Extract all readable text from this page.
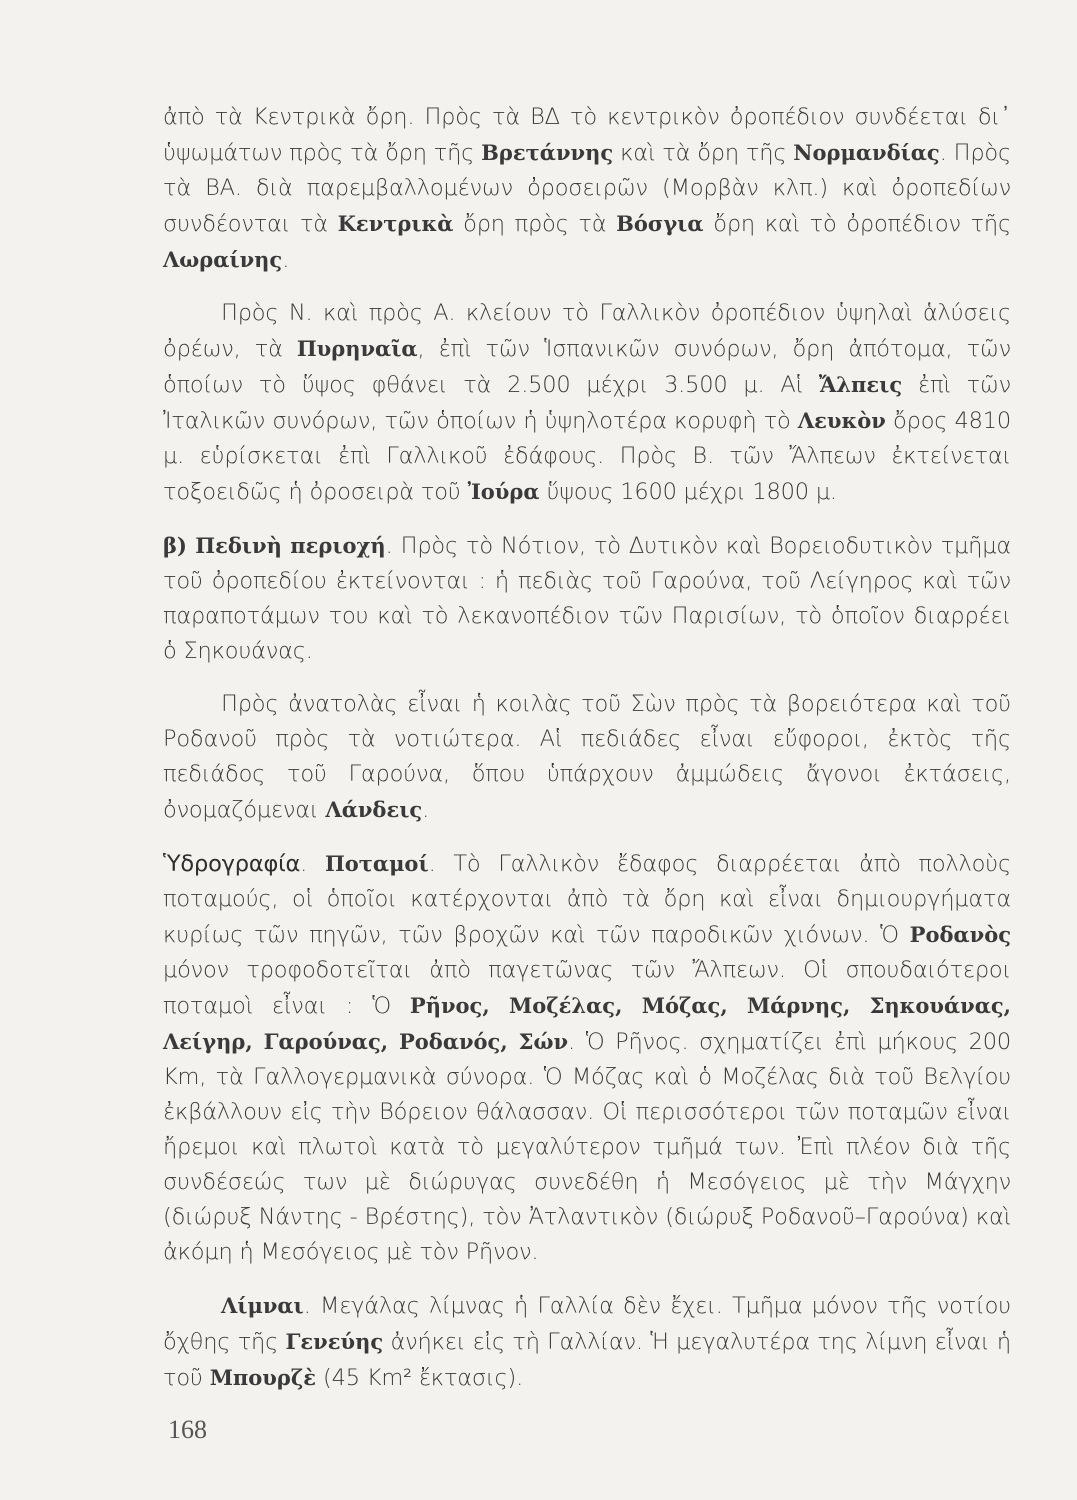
ἀπὸ τὰ Κεντρικὰ ὄρη. Πρὸς τὰ ΒΔ τὸ κεντρικὸν ὀροπέδιον συνδέεται δι᾿ ὑψωμάτων πρὸς τὰ ὄρη τῆς Βρετάννης καὶ τὰ ὄρη τῆς Νορμανδίας. Πρὸς τὰ ΒΑ. διὰ παρεμβαλλομένων ὀροσειρῶν (Μορβὰν κλπ.) καὶ ὀροπεδίων συνδέονται τὰ Κεντρικὰ ὄρη πρὸς τὰ Βόσγια ὄρη καὶ τὸ ὀροπέδιον τῆς Λωραίνης.

Πρὸς Ν. καὶ πρὸς Α. κλείουν τὸ Γαλλικὸν ὀροπέδιον ὑψηλαὶ ἁλύσεις ὀρέων, τὰ Πυρηναῖα, ἐπὶ τῶν Ἱσπανικῶν συνόρων, ὄρη ἀπότομα, τῶν ὁποίων τὸ ὕψος φθάνει τὰ 2.500 μέχρι 3.500 μ. Αἱ Ἄλπεις ἐπὶ τῶν Ἰταλικῶν συνόρων, τῶν ὁποίων ἡ ὑψηλοτέρα κορυφὴ τὸ Λευκὸν ὄρος 4810 μ. εὑρίσκεται ἐπὶ Γαλλικοῦ ἐδάφους. Πρὸς Β. τῶν Ἄλπεων ἐκτείνεται τοξοειδῶς ἡ ὀροσειρὰ τοῦ Ἰούρα ὕψους 1600 μέχρι 1800 μ.

β) Πεδινὴ περιοχή. Πρὸς τὸ Νότιον, τὸ Δυτικὸν καὶ Βορειοδυτικὸν τμῆμα τοῦ ὀροπεδίου ἐκτείνονται : ἡ πεδιὰς τοῦ Γαρούνα, τοῦ Λείγηρος καὶ τῶν παραποτάμων του καὶ τὸ λεκανοπέδιον τῶν Παρισίων, τὸ ὁποῖον διαρρέει ὁ Σηκουάνας.

Πρὸς ἀνατολὰς εἶναι ἡ κοιλὰς τοῦ Σὼν πρὸς τὰ βορειότερα καὶ τοῦ Ροδανοῦ πρὸς τὰ νοτιώτερα. Αἱ πεδιάδες εἶναι εὔφοροι, ἐκτὸς τῆς πεδιάδος τοῦ Γαρούνα, ὅπου ὑπάρχουν ἀμμώδεις ἄγονοι ἐκτάσεις, ὀνομαζόμεναι Λάνδεις.

Ὑδρογραφία. Ποταμοί. Τὸ Γαλλικὸν ἔδαφος διαρρέεται ἀπὸ πολλοὺς ποταμούς, οἱ ὁποῖοι κατέρχονται ἀπὸ τὰ ὄρη καὶ εἶναι δημιουργήματα κυρίως τῶν πηγῶν, τῶν βροχῶν καὶ τῶν παροδικῶν χιόνων. Ὁ Ροδανὸς μόνον τροφοδοτεῖται ἀπὸ παγετῶνας τῶν Ἄλπεων. Οἱ σπουδαιότεροι ποταμοὶ εἶναι : Ὁ Ρῆνος, Μοζέλας, Μόζας, Μάρνης, Σηκουάνας, Λείγηρ, Γαρούνας, Ροδανός, Σών. Ὁ Ρῆνος. σχηματίζει ἐπὶ μήκους 200 Km, τὰ Γαλλογερμανικὰ σύνορα. Ὁ Μόζας καὶ ὁ Μοζέλας διὰ τοῦ Βελγίου ἐκβάλλουν εἰς τὴν Βόρειον θάλασσαν. Οἱ περισσότεροι τῶν ποταμῶν εἶναι ἤρεμοι καὶ πλωτοὶ κατὰ τὸ μεγαλύτερον τμῆμά των. Ἐπὶ πλέον διὰ τῆς συνδέσεώς των μὲ διώρυγας συνεδέθη ἡ Μεσόγειος μὲ τὴν Μάγχην (διώρυξ Νάντης - Βρέστης), τὸν Ἀτλαντικὸν (διώρυξ Ροδανοῦ–Γαρούνα) καὶ ἀκόμη ἡ Μεσόγειος μὲ τὸν Ρῆνον.

Λίμναι. Μεγάλας λίμνας ἡ Γαλλία δὲν ἔχει. Τμῆμα μόνον τῆς νοτίου ὄχθης τῆς Γενεύης ἀνήκει εἰς τὴ Γαλλίαν. Ἡ μεγαλυτέρα της λίμνη εἶναι ἡ τοῦ Μπουρζὲ (45 Km² ἔκτασις).

168
